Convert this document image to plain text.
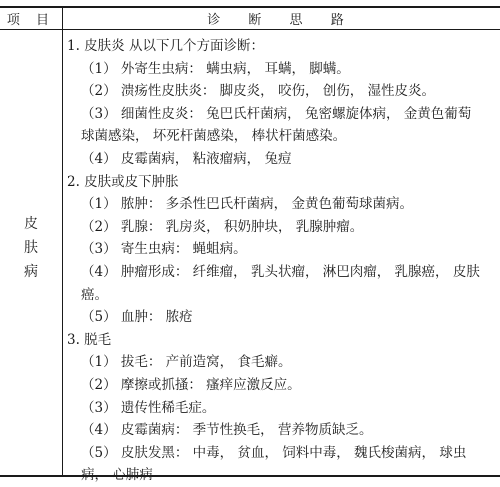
项 目	诊 断 思 路
皮
肤
病
1. 皮肤炎 从以下几个方面诊断：
（1） 外寄生虫病： 螨虫病， 耳螨， 脚螨。
（2） 溃疡性皮肤炎： 脚皮炎， 咬伤， 创伤， 湿性皮炎。
（3） 细菌性皮炎： 兔巴氏杆菌病， 兔密螺旋体病， 金黄色葡萄
球菌感染， 坏死杆菌感染， 棒状杆菌感染。
（4） 皮霉菌病， 粘液瘤病， 兔痘
2. 皮肤或皮下肿胀
（1） 脓肿： 多杀性巴氏杆菌病， 金黄色葡萄球菌病。
（2） 乳腺： 乳房炎， 积奶肿块， 乳腺肿瘤。
（3） 寄生虫病： 蝇蛆病。
（4） 肿瘤形成： 纤维瘤， 乳头状瘤， 淋巴肉瘤， 乳腺癌， 皮肤
癌。
（5） 血肿： 脓疮
3. 脱毛
（1） 拔毛： 产前造窝， 食毛癖。
（2） 摩擦或抓搔： 瘙痒应激反应。
（3） 遗传性稀毛症。
（4） 皮霉菌病： 季节性换毛， 营养物质缺乏。
（5） 皮肤发黑： 中毒， 贫血， 饲料中毒， 魏氏梭菌病， 球虫
病， 心肺病
